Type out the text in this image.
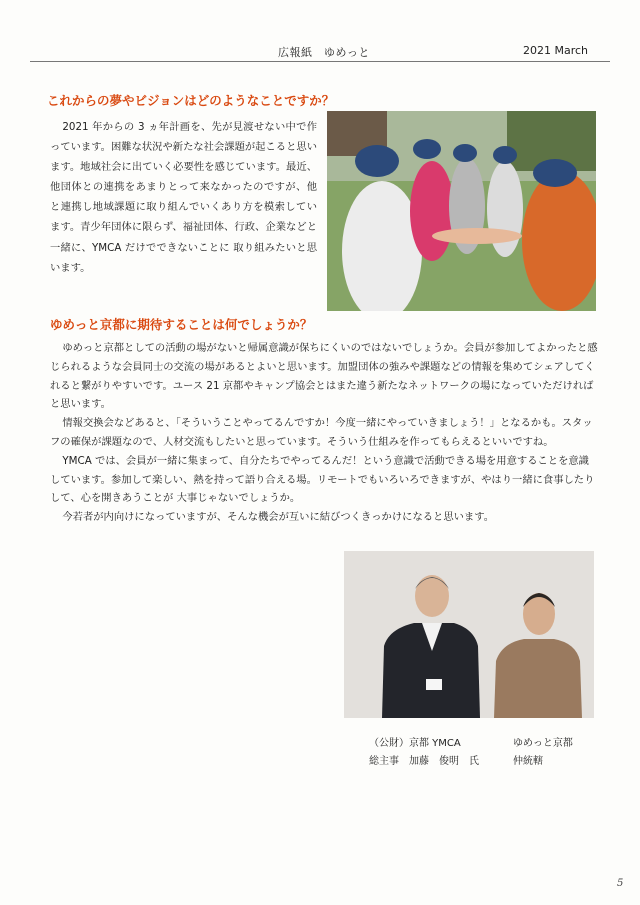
広報紙　ゆめっと	2021 March
これからの夢やビジョンはどのようなことですか？

2021 年からの 3 ヵ年計画を、先が見渡せない中で作っています。困難な状況や新たな社会課題が起こると思います。地域社会に出ていく必要性を感じています。最近、他団体との連携をあまりとって来なかったのですが、他と連携し地域課題に取り組んでいくあり方を模索しています。青少年団体に限らず、福祉団体、行政、企業などと一緒に、YMCA だけでできないことに 取り組みたいと思います。

ゆめっと京都に期待することは何でしょうか？

ゆめっと京都としての活動の場がないと帰属意識が保ちにくいのではないでしょうか。会員が参加してよかったと感じられるような会員同士の交流の場があるとよいと思います。加盟団体の強みや課題などの情報を集めてシェアしてくれると繋がりやすいです。ユース 21 京都やキャンプ協会とはまた違う新たなネットワークの場になっていただければと思います。

情報交換会などあると、「そういうことやってるんですか！今度一緒にやっていきましょう！」となるかも。スタッフの確保が課題なので、人材交流もしたいと思っています。そういう仕組みを作ってもらえるといいですね。

YMCA では、会員が一緒に集まって、自分たちでやってるんだ！という意識で活動できる場を用意することを意識しています。参加して楽しい、熱を持って語り合える場。リモートでもいろいろできますが、やはり一緒に食事したりして、心を開きあうことが 大事じゃないでしょうか。

今若者が内向けになっていますが、そんな機会が互いに結びつくきっかけになると思います。

（公財）京都 YMCA
総主事　加藤　俊明　氏
ゆめっと京都
仲統轄
5
